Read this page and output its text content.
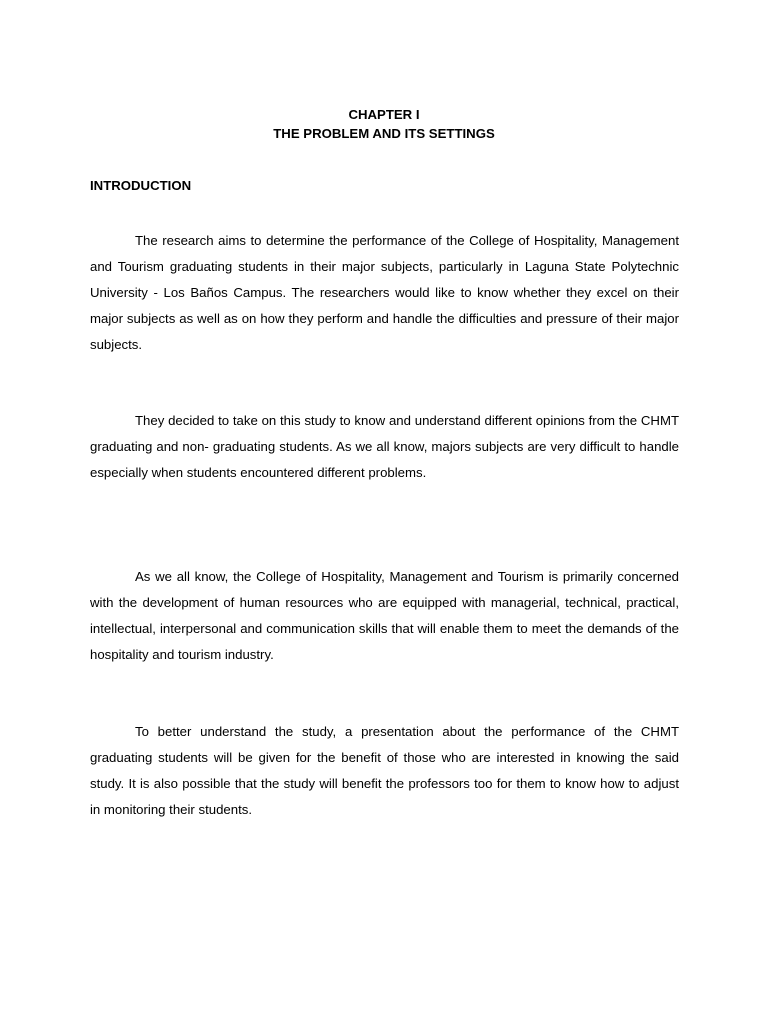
CHAPTER I
THE PROBLEM AND ITS SETTINGS
INTRODUCTION

The research aims to determine the performance of the College of Hospitality, Management and Tourism graduating students in their major subjects, particularly in Laguna State Polytechnic University - Los Baños Campus. The researchers would like to know whether they excel on their major subjects as well as on how they perform and handle the difficulties and pressure of their major subjects.

They decided to take on this study to know and understand different opinions from the CHMT graduating and non- graduating students. As we all know, majors subjects are very difficult to handle especially when students encountered different problems.

As we all know, the College of Hospitality, Management and Tourism is primarily concerned with the development of human resources who are equipped with managerial, technical, practical, intellectual, interpersonal and communication skills that will enable them to meet the demands of the hospitality and tourism industry.

To better understand the study, a presentation about the performance of the CHMT graduating students will be given for the benefit of those who are interested in knowing the said study. It is also possible that the study will benefit the professors too for them to know how to adjust in monitoring their students.
